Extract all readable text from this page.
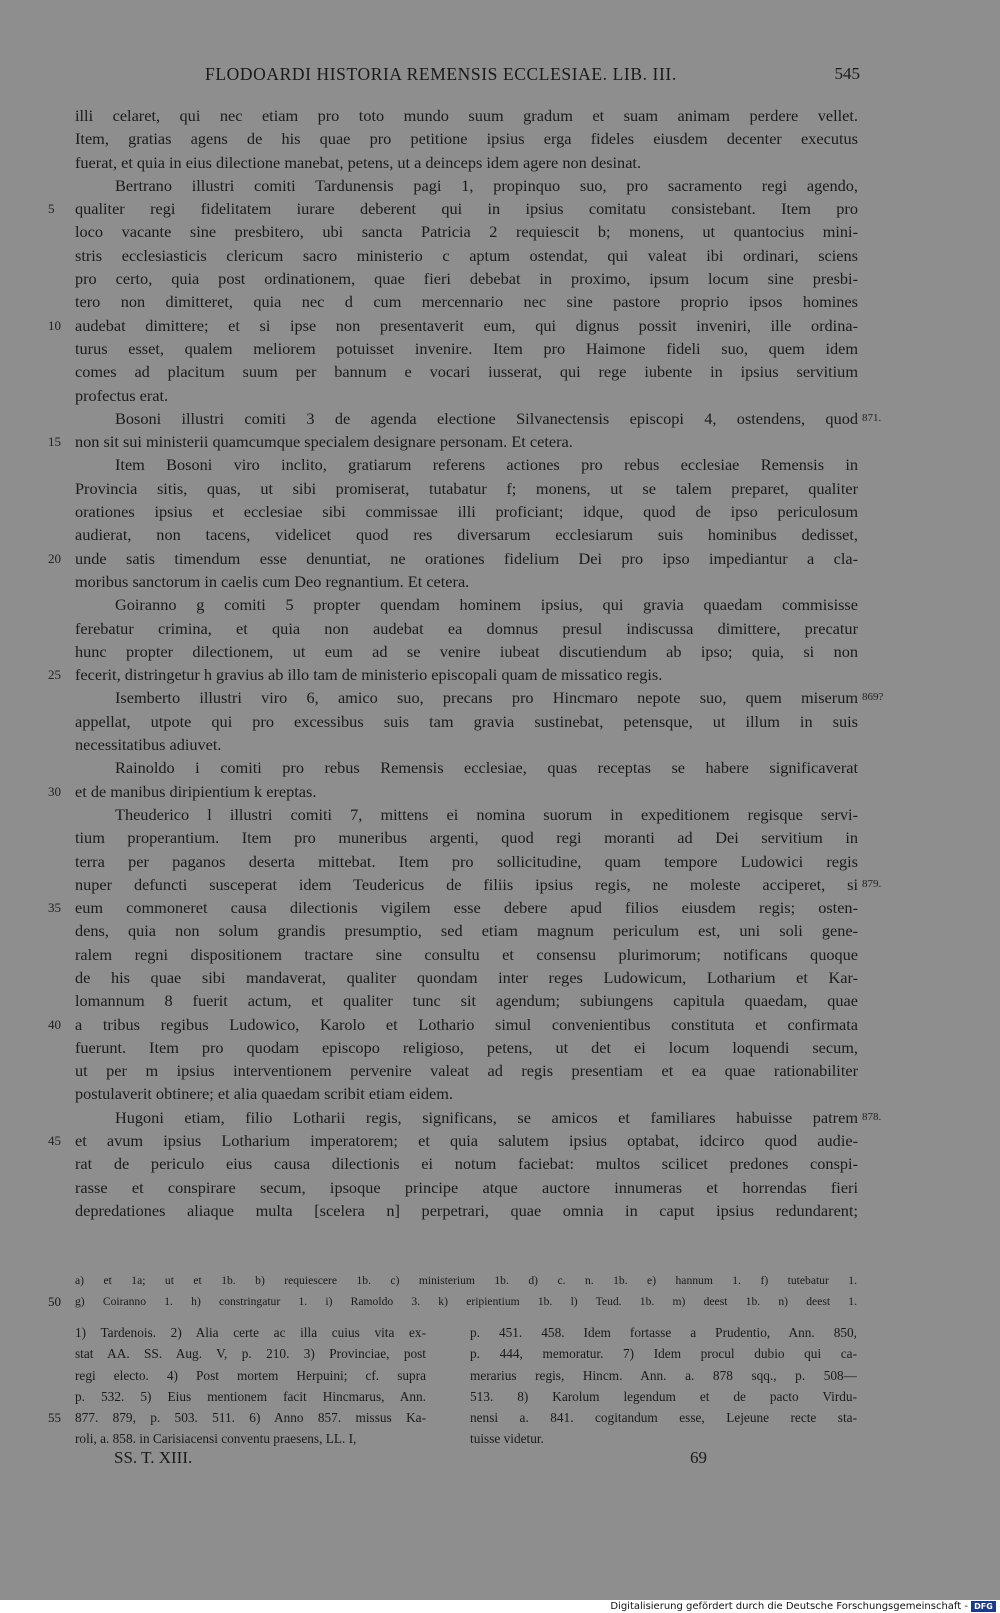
FLODOARDI HISTORIA REMENSIS ECCLESIAE. LIB. III.	545
illi celaret, qui nec etiam pro toto mundo suum gradum et suam animam perdere vellet.
Item, gratias agens de his quae pro petitione ipsius erga fideles eiusdem decenter executus
fuerat, et quia in eius dilectione manebat, petens, ut a deinceps idem agere non desinat.
Bertrano illustri comiti Tardunensis pagi 1, propinquo suo, pro sacramento regi agendo,
5	qualiter regi fidelitatem iurare deberent qui in ipsius comitatu consistebant. Item pro
loco vacante sine presbitero, ubi sancta Patricia 2 requiescit b; monens, ut quantocius mini-
stris ecclesiasticis clericum sacro ministerio c aptum ostendat, qui valeat ibi ordinari, sciens
pro certo, quia post ordinationem, quae fieri debebat in proximo, ipsum locum sine presbi-
tero non dimitteret, quia nec d cum mercennario nec sine pastore proprio ipsos homines
10 audebat dimittere; et si ipse non presentaverit eum, qui dignus possit inveniri, ille ordina-
turus esset, qualem meliorem potuisset invenire. Item pro Haimone fideli suo, quem idem
comes ad placitum suum per bannum e vocari iusserat, qui rege iubente in ipsius servitium
profectus erat.
Bosoni illustri comiti 3 de agenda electione Silvanectensis episcopi 4, ostendens, quod 871.
15 non sit sui ministerii quamcumque specialem designare personam. Et cetera.
Item Bosoni viro inclito, gratiarum referens actiones pro rebus ecclesiae Remensis in
Provincia sitis, quas, ut sibi promiserat, tutabatur f; monens, ut se talem preparet, qualiter
orationes ipsius et ecclesiae sibi commissae illi proficiant; idque, quod de ipso periculosum
audierat, non tacens, videlicet quod res diversarum ecclesiarum suis hominibus dedisset,
20 unde satis timendum esse denuntiat, ne orationes fidelium Dei pro ipso impediantur a cla-
moribus sanctorum in caelis cum Deo regnantium. Et cetera.
Goiranno g comiti 5 propter quendam hominem ipsius, qui gravia quaedam commisisse
ferebatur crimina, et quia non audebat ea domnus presul indiscussa dimittere, precatur
hunc propter dilectionem, ut eum ad se venire iubeat discutiendum ab ipso; quia, si non
25 fecerit, distringetur h gravius ab illo tam de ministerio episcopali quam de missatico regis.
Isemberto illustri viro 6, amico suo, precans pro Hincmaro nepote suo, quem miserum 869?
appellat, utpote qui pro excessibus suis tam gravia sustinebat, petensque, ut illum in suis
necessitatibus adiuvet.
Rainoldo i comiti pro rebus Remensis ecclesiae, quas receptas se habere significaverat
30 et de manibus diripientium k ereptas.
Theuderico l illustri comiti 7, mittens ei nomina suorum in expeditionem regisque servi-
tium properantium. Item pro muneribus argenti, quod regi moranti ad Dei servitium in
terra per paganos deserta mittebat. Item pro sollicitudine, quam tempore Ludowici regis
nuper defuncti susceperat idem Teudericus de filiis ipsius regis, ne moleste acciperet, si 879.
35 eum commoneret causa dilectionis vigilem esse debere apud filios eiusdem regis; osten-
dens, quia non solum grandis presumptio, sed etiam magnum periculum est, uni soli gene-
ralem regni dispositionem tractare sine consultu et consensu plurimorum; notificans quoque
de his quae sibi mandaverat, qualiter quondam inter reges Ludowicum, Lotharium et Kar-
lomannum 8 fuerit actum, et qualiter tunc sit agendum; subiungens capitula quaedam, quae
40 a tribus regibus Ludowico, Karolo et Lothario simul convenientibus constituta et confirmata
fuerunt. Item pro quodam episcopo religioso, petens, ut det ei locum loquendi secum,
ut per m ipsius interventionem pervenire valeat ad regis presentiam et ea quae rationabiliter
postulaverit obtinere; et alia quaedam scribit etiam eidem.
Hugoni etiam, filio Lotharii regis, significans, se amicos et familiares habuisse patrem 878.
45 et avum ipsius Lotharium imperatorem; et quia salutem ipsius optabat, idcirco quod audie-
rat de periculo eius causa dilectionis ei notum faciebat: multos scilicet predones conspi-
rasse et conspirare secum, ipsoque principe atque auctore innumeras et horrendas fieri
depredationes aliaque multa [scelera n] perpetrari, quae omnia in caput ipsius redundarent;
a) et 1a; ut et 1b. b) requiescere 1b. c) ministerium 1b. d) c. n. 1b. e) hannum 1. f) tutebatur 1.
50	g) Coiranno 1. h) constringatur 1. i) Ramoldo 3. k) eripientium 1b. l) Teud. 1b. m) deest 1b. n) deest 1.
1) Tardenois. 2) Alia certe ac illa cuius vita ex-	p. 451. 458. Idem fortasse a Prudentio, Ann. 850,
stat AA. SS. Aug. V, p. 210. 3) Provinciae, post	p. 444, memoratur. 7) Idem procul dubio qui ca-
regi electo. 4) Post mortem Herpuini; cf. supra	merarius regis, Hincm. Ann. a. 878 sqq., p. 508—
p. 532. 5) Eius mentionem facit Hincmarus, Ann.	513. 8) Karolum legendum et de pacto Virdu-
55	877. 879, p. 503. 511. 6) Anno 857. missus Ka-	nensi a. 841. cogitandum esse, Lejeune recte sta-
roli, a. 858. in Carisiacensi conventu praesens, LL. I,	tuisse videtur.
SS. T. XIII.	69
Digitalisierung gefördert durch die Deutsche Forschungsgemeinschaft - DFG
